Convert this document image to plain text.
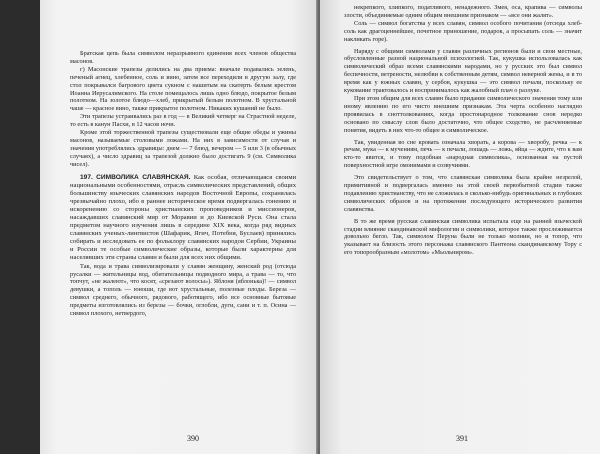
Братская цепь была символом неразрывного единения всех членов общества масонов.

г) Масонские трапезы делились на два приема: вначале подавались зелень, печеный агнец, хлебенное, соль и вино, затем все переходили в другую залу, где стол покрывался багрового цвета сукном с нашитым на скатерть белым крестом Иоанна Иерусалимского. На столе помещалось лишь одно блюдо, покрытое белым полотном. На золотое блюдо—хлеб, прикрытый белым полотном. В хрустальной чаше — красное вино, также прикрытое полотном. Никаких кушаний не было.

Эти трапезы устраивались раз в год — в Великий четверг на Страстной неделе, то есть в канун Пасхи, в 12 часов ночи.

Кроме этой торжественной трапезы существовали еще общие обеды и ужины масонов, называемые столовыми ложами. На них в зависимости от случая и значения употреблялись здравицы: днем — 7 блюд, вечером — 5 или 3 (в обычных случаях), а число здравиц за трапезой должно было достигать 9 (см. Символика чисел).

197. СИМВОЛИКА СЛАВЯНСКАЯ. Как особая, отличающаяся своими национальными особенностями, отрасль символических представлений, общих большинству языческих славянских народов Восточной Европы, сохранялась чрезвычайно плохо, ибо в раннее историческое время подвергалась гонению и искоренению со стороны христианских проповедников и миссионеров, насаждавших славянский мир от Моравии и до Киевской Руси. Она стала предметом научного изучения лишь в середине XIX века, когда ряд видных славянских ученых-лингвистов (Шафарик, Ягич, Потебня, Буслаев) принялись собирать и исследовать ее по фольклору славянских народов Сербии, Украины и России те особые символические образы, которые были характерны для населявших эти страны славян и были для всех них общими.

Так, вода и трава символизировали у славян женщину, женский род (отсюда русалки — жительницы вод, обитательницы подводного мира, а трава — то, что топчут, «не жалеют», что косят, «срезают волосы»). Яблоня (яблонька)! — символ девушки, а тополь — юноши, где вот хрустальные, полезные плоды. Береза — символ среднего, обычного, рядового, работящего, ибо все основные бытовые предметы изготовлялись из березы — бочки, оглобли, дуги, сани и т. п. Осина — символ плохого, нетвердого,

390

некрепкого, хлипкого, податливого, ненадежного. Змея, оса, крапива — символы злости, объединяемые одним общим внешним признаком — «все они жалят».

Соль — символ богатства у всех славян, символ особого почитания (отсюда хлеб-соль как драгоценнейшее, почетное приношение, подарок, а просыпать соль — значит накликать горе).

Наряду с общими символами у славян различных регионов были и свои местные, обусловленные разной национальной психологией. Так, кукушка использовалась как символический образ всеми славянскими народами, но у русских это был символ беспечности, ветрености, нелюбви к собственным детям, символ неверной жены, и в то время как у южных славян, у сербов, кукушка — это символ печали, поскольку ее кукование трактовалось и воспринималось как жалобный плач о разлуке.

При этом общим для всех славян было придание символического значения тому или иному явлению по его чисто внешним признакам. Эта черта особенно наглядно проявилась в сноттолкованиях, когда простонародное толкование снов нередко основано по смыслу слов было достаточно, что общее сходство, не расчленяемые понятия, видеть в них что-то общее и символическое.

Так, увиденная во сне кровать означала хворать, а корова — хворобу, речка — к речам, мука — к мучениям, печь — к печали, лошадь — ложь, яйца — ждите, что к вам кто-то явится, и тому подобная «народная символика», основанная на пустой поверхностной игре омонимами и созвучиями.

Это свидетельствует о том, что славянская символика была крайне незрелой, примитивной и подвергалась именно на этой своей первобытной стадии также подавлению христианству, что не сложилась в сколько-нибудь оригинальных и глубоких символических образов и на протяжении последующего исторического развития славянства.

В то же время русская славянская символика испытала еще на ранней языческой стадии влияние скандинавской мифологии и символики, которое также прослеживается довольно бегло. Так, символом Перуна были не только молнии, но и топор, что указывает на близость этого персонажа славянского Пантеона скандинавскому Тору с его топорообразным «молотом» «Мьольниром».

391
